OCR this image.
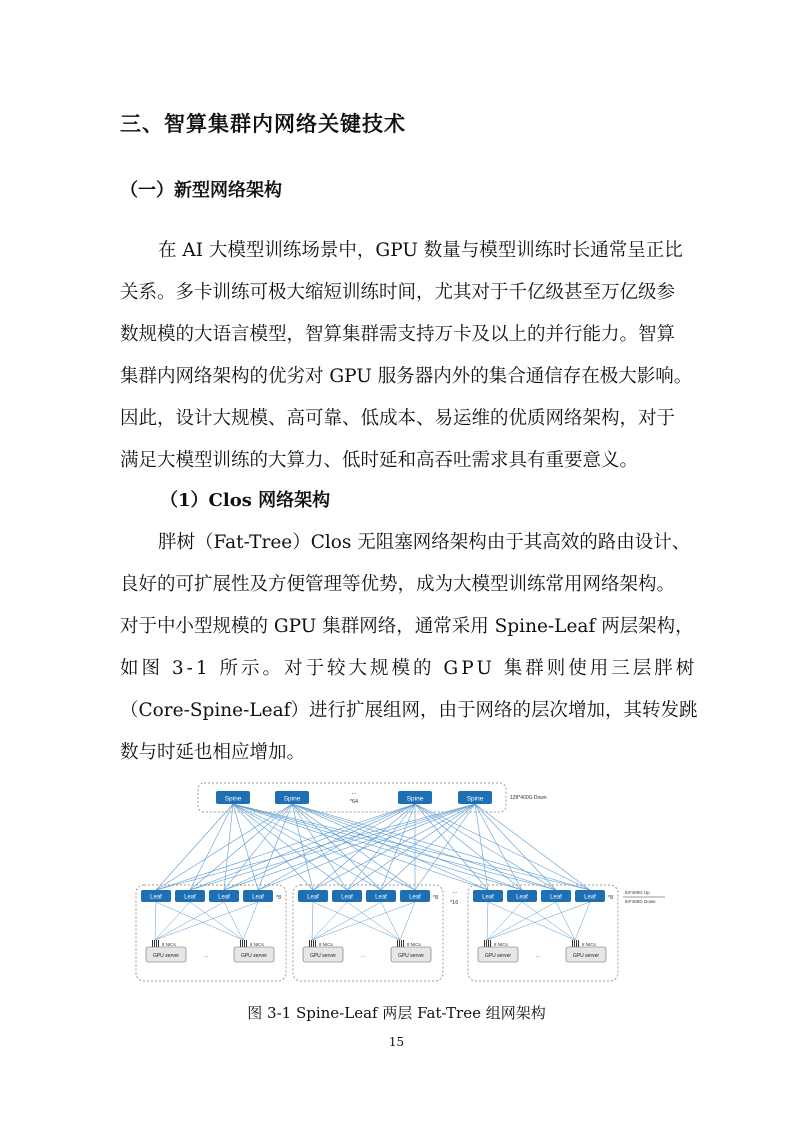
三、智算集群内网络关键技术
（一）新型网络架构
在 AI 大模型训练场景中，GPU 数量与模型训练时长通常呈正比
关系。多卡训练可极大缩短训练时间，尤其对于千亿级甚至万亿级参
数规模的大语言模型，智算集群需支持万卡及以上的并行能力。智算
集群内网络架构的优劣对 GPU 服务器内外的集合通信存在极大影响。
因此，设计大规模、高可靠、低成本、易运维的优质网络架构，对于
满足大模型训练的大算力、低时延和高吞吐需求具有重要意义。
（1）Clos 网络架构
胖树（Fat-Tree）Clos 无阻塞网络架构由于其高效的路由设计、
良好的可扩展性及方便管理等优势，成为大模型训练常用网络架构。
对于中小型规模的 GPU 集群网络，通常采用 Spine-Leaf 两层架构，
如图 3-1 所示。对于较大规模的 GPU 集群则使用三层胖树
（Core-Spine-Leaf）进行扩展组网，由于网络的层次增加，其转发跳
数与时延也相应增加。
Spine	Spine
...
*64	Spine	Spine	128*400G Down
Leaf	Leaf	Leaf	Leaf *8
8 NICs
GPU server
8 NICs
GPU server
...
Leaf	Leaf	Leaf	Leaf *8
8 NICs
GPU server
8 NICs
GPU server
...
Leaf	Leaf	Leaf	Leaf *8
8 NICs
GPU server
8 NICs
GPU server
...
...
*16
64*400G Up
64*400G Down
图 3-1 Spine-Leaf 两层 Fat-Tree 组网架构
15
